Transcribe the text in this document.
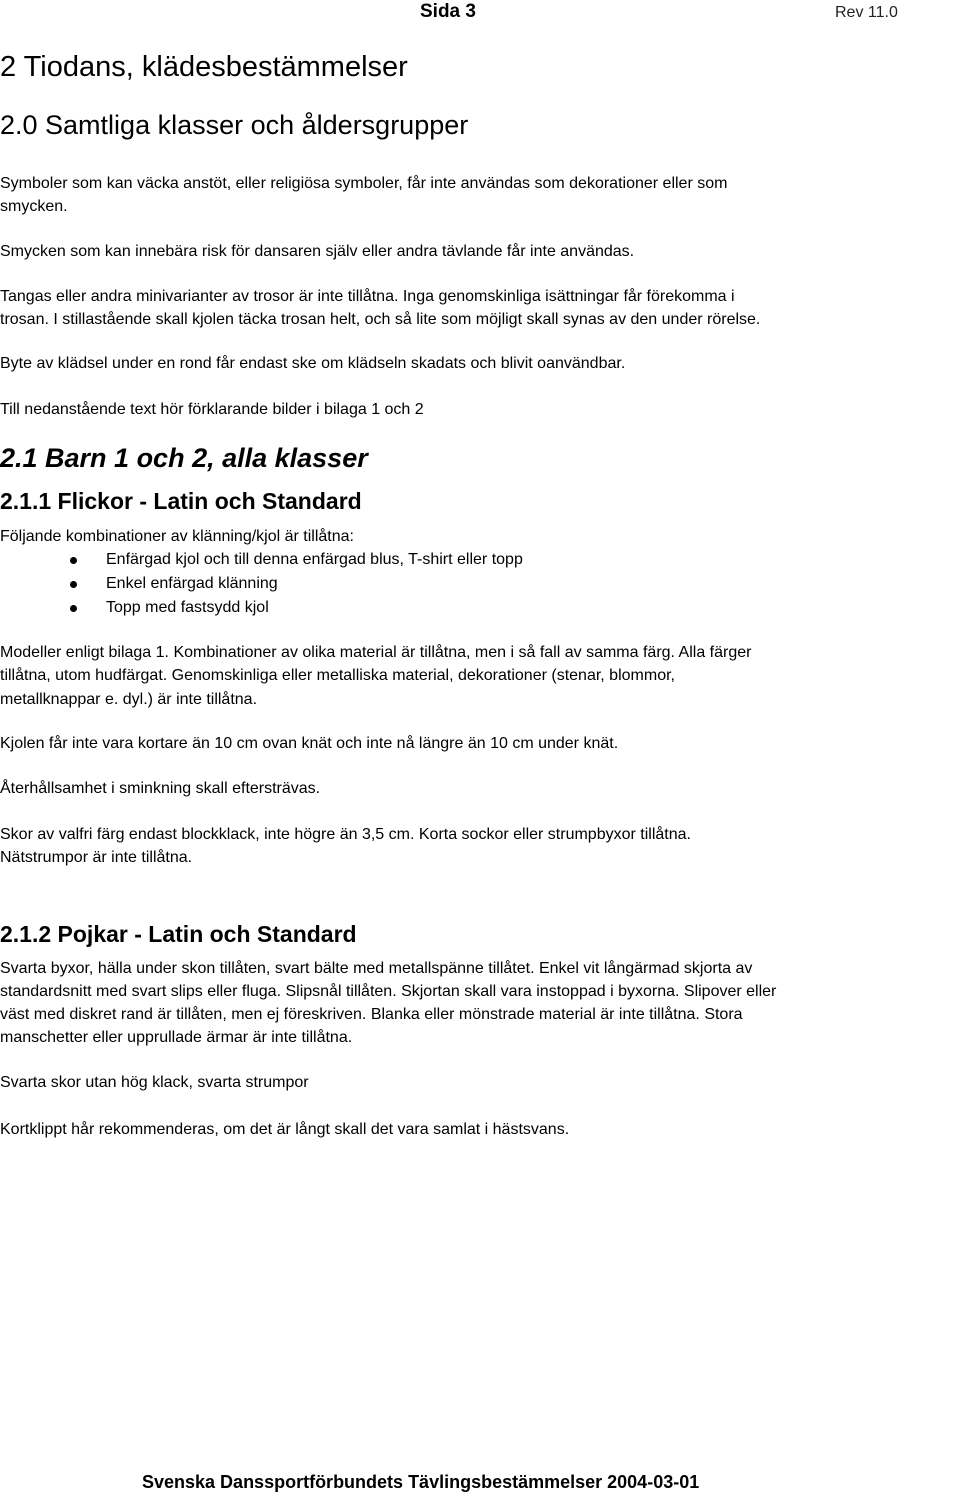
Sida 3	Rev 11.0
2 Tiodans, klädesbestämmelser
2.0 Samtliga klasser och åldersgrupper

Symboler som kan väcka anstöt, eller religiösa symboler, får inte användas som dekorationer eller som

smycken.

Smycken som kan innebära risk för dansaren själv eller andra tävlande får inte användas.

Tangas eller andra minivarianter av trosor är inte tillåtna. Inga genomskinliga isättningar får förekomma i

trosan. I stillastående skall kjolen täcka trosan helt, och så lite som möjligt skall synas av den under rörelse.

Byte av klädsel under en rond får endast ske om klädseln skadats och blivit oanvändbar.

Till nedanstående text hör förklarande bilder i bilaga 1 och 2

2.1 Barn 1 och 2, alla klasser
2.1.1 Flickor - Latin och Standard

Följande kombinationer av klänning/kjol är tillåtna:

Enfärgad kjol och till denna enfärgad blus, T-shirt eller topp
Enkel enfärgad klänning
Topp med fastsydd kjol

Modeller enligt bilaga 1. Kombinationer av olika material är tillåtna, men i så fall av samma färg. Alla färger

tillåtna, utom hudfärgat. Genomskinliga eller metalliska material, dekorationer (stenar, blommor,

metallknappar e. dyl.) är inte tillåtna.

Kjolen får inte vara kortare än 10 cm ovan knät och inte nå längre än 10 cm under knät.

Återhållsamhet i sminkning skall eftersträvas.

Skor av valfri färg endast blockklack, inte högre än 3,5 cm. Korta sockor eller strumpbyxor tillåtna.

Nätstrumpor är inte tillåtna.

2.1.2 Pojkar - Latin och Standard

Svarta byxor, hälla under skon tillåten, svart bälte med metallspänne tillåtet. Enkel vit långärmad skjorta av

standardsnitt med svart slips eller fluga. Slipsnål tillåten. Skjortan skall vara instoppad i byxorna. Slipover eller

väst med diskret rand är tillåten, men ej föreskriven. Blanka eller mönstrade material är inte tillåtna. Stora

manschetter eller upprullade ärmar är inte tillåtna.

Svarta skor utan hög klack, svarta strumpor

Kortklippt hår rekommenderas, om det är långt skall det vara samlat i hästsvans.

Svenska Danssportförbundets Tävlingsbestämmelser 2004-03-01
